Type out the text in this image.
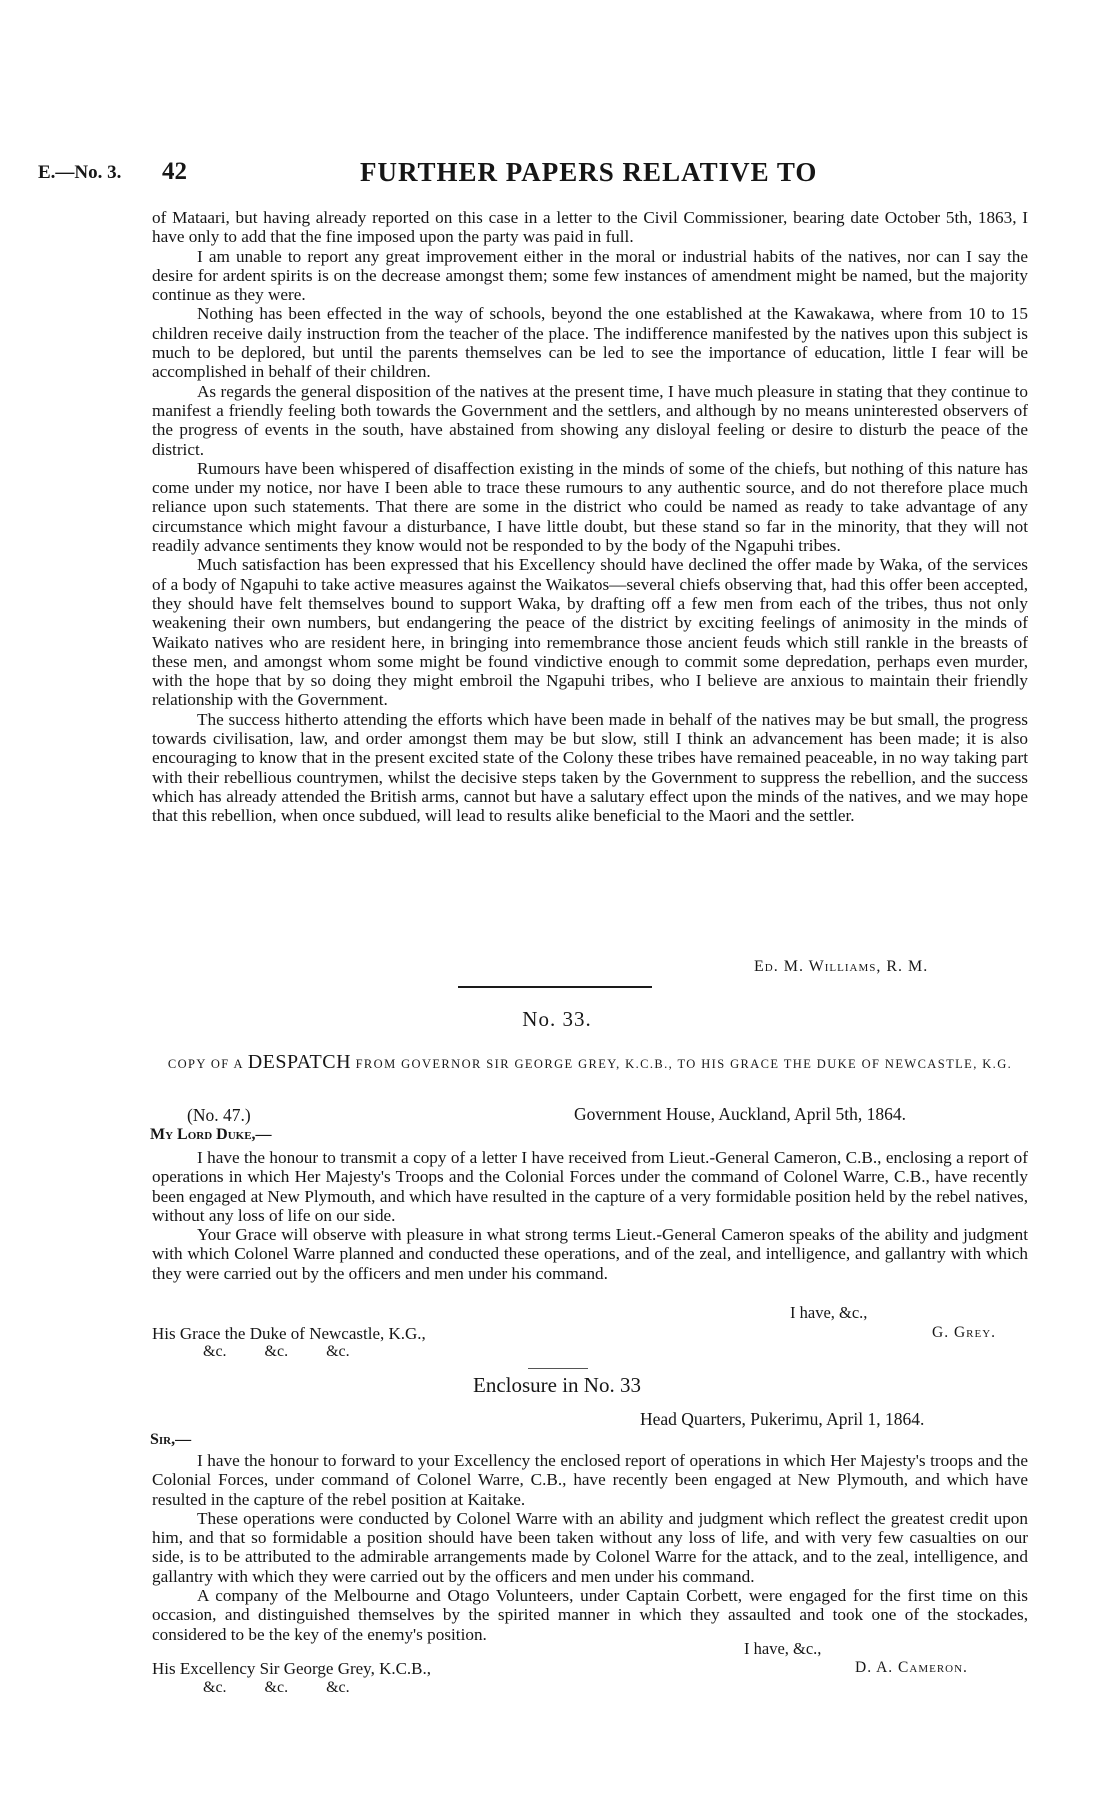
E.—No. 3. 42	FURTHER PAPERS RELATIVE TO

of Mataari, but having already reported on this case in a letter to the Civil Commissioner, bearing date October 5th, 1863, I have only to add that the fine imposed upon the party was paid in full.

I am unable to report any great improvement either in the moral or industrial habits of the natives, nor can I say the desire for ardent spirits is on the decrease amongst them; some few instances of amendment might be named, but the majority continue as they were.

Nothing has been effected in the way of schools, beyond the one established at the Kawakawa, where from 10 to 15 children receive daily instruction from the teacher of the place. The indifference manifested by the natives upon this subject is much to be deplored, but until the parents themselves can be led to see the importance of education, little I fear will be accomplished in behalf of their children.

As regards the general disposition of the natives at the present time, I have much pleasure in stating that they continue to manifest a friendly feeling both towards the Government and the settlers, and although by no means uninterested observers of the progress of events in the south, have abstained from showing any disloyal feeling or desire to disturb the peace of the district.

Rumours have been whispered of disaffection existing in the minds of some of the chiefs, but nothing of this nature has come under my notice, nor have I been able to trace these rumours to any authentic source, and do not therefore place much reliance upon such statements. That there are some in the district who could be named as ready to take advantage of any circumstance which might favour a disturbance, I have little doubt, but these stand so far in the minority, that they will not readily advance sentiments they know would not be responded to by the body of the Ngapuhi tribes.

Much satisfaction has been expressed that his Excellency should have declined the offer made by Waka, of the services of a body of Ngapuhi to take active measures against the Waikatos—several chiefs observing that, had this offer been accepted, they should have felt themselves bound to support Waka, by drafting off a few men from each of the tribes, thus not only weakening their own numbers, but endangering the peace of the district by exciting feelings of animosity in the minds of Waikato natives who are resident here, in bringing into remembrance those ancient feuds which still rankle in the breasts of these men, and amongst whom some might be found vindictive enough to commit some depredation, perhaps even murder, with the hope that by so doing they might embroil the Ngapuhi tribes, who I believe are anxious to maintain their friendly relationship with the Government.

The success hitherto attending the efforts which have been made in behalf of the natives may be but small, the progress towards civilisation, law, and order amongst them may be but slow, still I think an advancement has been made; it is also encouraging to know that in the present excited state of the Colony these tribes have remained peaceable, in no way taking part with their rebellious countrymen, whilst the decisive steps taken by the Government to suppress the rebellion, and the success which has already attended the British arms, cannot but have a salutary effect upon the minds of the natives, and we may hope that this rebellion, when once subdued, will lead to results alike beneficial to the Maori and the settler.

Ed. M. Williams, R. M.
No. 33.
COPY OF A DESPATCH FROM GOVERNOR SIR GEORGE GREY, K.C.B., TO HIS GRACE THE DUKE OF NEWCASTLE, K.G.
(No. 47.)	Government House, Auckland, April 5th, 1864.
My Lord Duke,—

I have the honour to transmit a copy of a letter I have received from Lieut.-General Cameron, C.B., enclosing a report of operations in which Her Majesty's Troops and the Colonial Forces under the command of Colonel Warre, C.B., have recently been engaged at New Plymouth, and which have resulted in the capture of a very formidable position held by the rebel natives, without any loss of life on our side.

Your Grace will observe with pleasure in what strong terms Lieut.-General Cameron speaks of the ability and judgment with which Colonel Warre planned and conducted these operations, and of the zeal, and intelligence, and gallantry with which they were carried out by the officers and men under his command.

I have, &c.,
His Grace the Duke of Newcastle, K.G.,
&c. &c. &c.
G. Grey.
Enclosure in No. 33
Head Quarters, Pukerimu, April 1, 1864.
Sir,—

I have the honour to forward to your Excellency the enclosed report of operations in which Her Majesty's troops and the Colonial Forces, under command of Colonel Warre, C.B., have recently been engaged at New Plymouth, and which have resulted in the capture of the rebel position at Kaitake.

These operations were conducted by Colonel Warre with an ability and judgment which reflect the greatest credit upon him, and that so formidable a position should have been taken without any loss of life, and with very few casualties on our side, is to be attributed to the admirable arrangements made by Colonel Warre for the attack, and to the zeal, intelligence, and gallantry with which they were carried out by the officers and men under his command.

A company of the Melbourne and Otago Volunteers, under Captain Corbett, were engaged for the first time on this occasion, and distinguished themselves by the spirited manner in which they assaulted and took one of the stockades, considered to be the key of the enemy's position.

I have, &c.,
His Excellency Sir George Grey, K.C.B.,
&c. &c. &c.
D. A. Cameron.
